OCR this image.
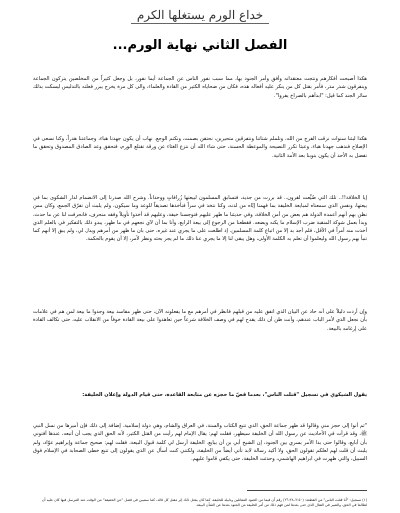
خداع الورم يستغلها الكرم
الفصل الثاني نهاية الورم...

هكذا أصبحت أفكارهم ونتجت معتقداته وأفق وأمر الجنود بها، مما سبب نفور الناس عن الجماعة أيما نفور، بل وجعل كثيراً من المخلصين يتركون الجماعة وينفرقون شذر مذر، فأمر بقتل كل من ينكر عليه أفعاله هذه، فكان من ضحاياه الكثير من القادة والعلماء، والى كل مرة يخرج يبرر فعلته بالتدليس ليسكت بذلك سائر الجند كما قيل: "ابدأهم بالصراخ يفروا".

هكذا لبثنا سنوات نرقب الفرج من الله، ونلملم شتاتنا ونتفرقين متحيرين، نحتقن بصمت، ونكتم الوجع. نهاب أن يكون جهدنا هباء، وجماعتنا هدراً، وكنا نسعى في الإصلاح فنذهب جهدنا هباء، وعبثا تكرر النصيحة والموعظة الحسنة، حتى شاء الله أن نتزع الغثاء عن ورقة تقتلع الورم، فتحقق وعد الصادق المصدوق وتحقق ما تفضل به الأحد أن يكون بتوبنا بعد الأمة الثانية.

إيا الخلافة!!.. تلك التي ضُيِّعت لقرون.. قد برزت من جديد، فتسابق المسلمون لبيعتها زُرافاتٍ ووحداناً. وشرح الله صدرنا إلى الانضمام لدار الشكوى بما في بيعتها، ونفس الذي سمعناه لمبايعة الخليفة بما فهمنا إيّاه من لدنه، وكنا نتخذ في سراً فنأخذها تصديقاً للوعد وما سيكون، ولم يلبث أن تفرّق الجمع، وكان ممن نظن بهم أنهم أعمدة الدولة هم بعض من أمن الخلافة، وفي حديثنا ما ظهر عليهم فتوجسنا خيفة، وعليهم قد أخذوا تأويلاً وفقه منحرف، فانحرفت لنا عن ما حدث، وبدأ بعمل شوكة المنقبة ضرب الإسلام ما يكنه ويضعه. فقطعنا من الرجوع إلى بيعة الرابع، وأنا بما أن لآي نجعهم في ما ظهر، يبدو ذلك بالتفكير في بالعلم الذي أخذت منه أمراً في الأقل، فلم أجد بد إلا من اتباع كلمة المسلمين. إذ اطلعت على ما يجري عند غيره، حتى بان ما ظهر من أمرهم ويدل لي، ولم يبق إلا أنهم كما تنبأ بهم رسول الله وليعلموا أن تعلم به الكلمة الأولى، وهل يبقى لنا إلا ما يجري عنا ذلك ما لم يجر بحثه ونظر لأمر، إلا أن يقوم بالحكمة.

وإن أردت دليلاً على أنه حاد عن البيان الذي اتفق عليه من قبلهم فانظر في أمرهم مع ما يفعلونه الآن، حتى ظهر مفاسد بيعة وجدوا ما بيعة لمن هم في علامات بأن نجعل الذي لأمر الباب عندهم، وأنت ظن أن ذلك يقدح لهم في وصف الخلافة شرعاً حين تعاهدوا على بيعة القادة خوفاً من الانقلاب عليه، حتى تكالف القادة على إرغامه بالبيعة.

يقول الشيكوي في تسجيل "قتلت الناس"، بعدما قصّ ما حجزه عن متابعة القاعدة، حتى قيام الدولة وإعلان الخليفة:

"ثم أنوا إلى حجز مني وقالوا قد ظهر جماعة الحق، الذي تتبع الكتاب والسنة، في العراق والشام، وهي دولة إسلامية. إضافة إلى ذلك فإن أميرها من نسل النبي ﷺ، وقد قرأت في الأحاديث عن رسول الله أن الخليفة سيظهر، فقلت لهم: يقال الإمام لهم رأيت من القتل الكثير، لأنه الحق الذي يجب أن أتبعه، عندها أفتوني بأن أبايع، وقالوا حتى بدا الأمر بسري بين الجنود، إن الشيخ أبي بن أن يبايع. الخليفة أرسل لي كلمة قبول البيعة، فقلت لهم: صحيح جماعة وإبراهيم عوّاد، ولم يلبث أن قلت لهم لعلكم تقولون الحق، ولا أكيد رسالة لابد تأتي أيضاً من الخليفة، ولكنني كنت أسأل عن الذي يقولون إلى تتبع خطى الصحابة في الإسلام فوق السبيل، والتي ظهرت في ابراهيم الهاشمي، وحدثت الخليفة، حتى يكفي قاموا عليهم.

(١) تسجيل: "أنا قتلت الناس" من القطعة: (٢:٥٠–٢٦:٢٨) رقم أن فيما من الجنود المقاتلين ودليله للخليفة، كما كان يفعل ذلك إثر مقتل كل قائد، كما سنتبين في فصل "عن الحقيقة" من الوقت عند المرسل فيها كان عليه أن لطالما في الحق، والصبر في القتال الذي حتى بعدها لمن فهم ذلك من أمر الخليفة من الجنود بعدها عن الشأن البيعة.
